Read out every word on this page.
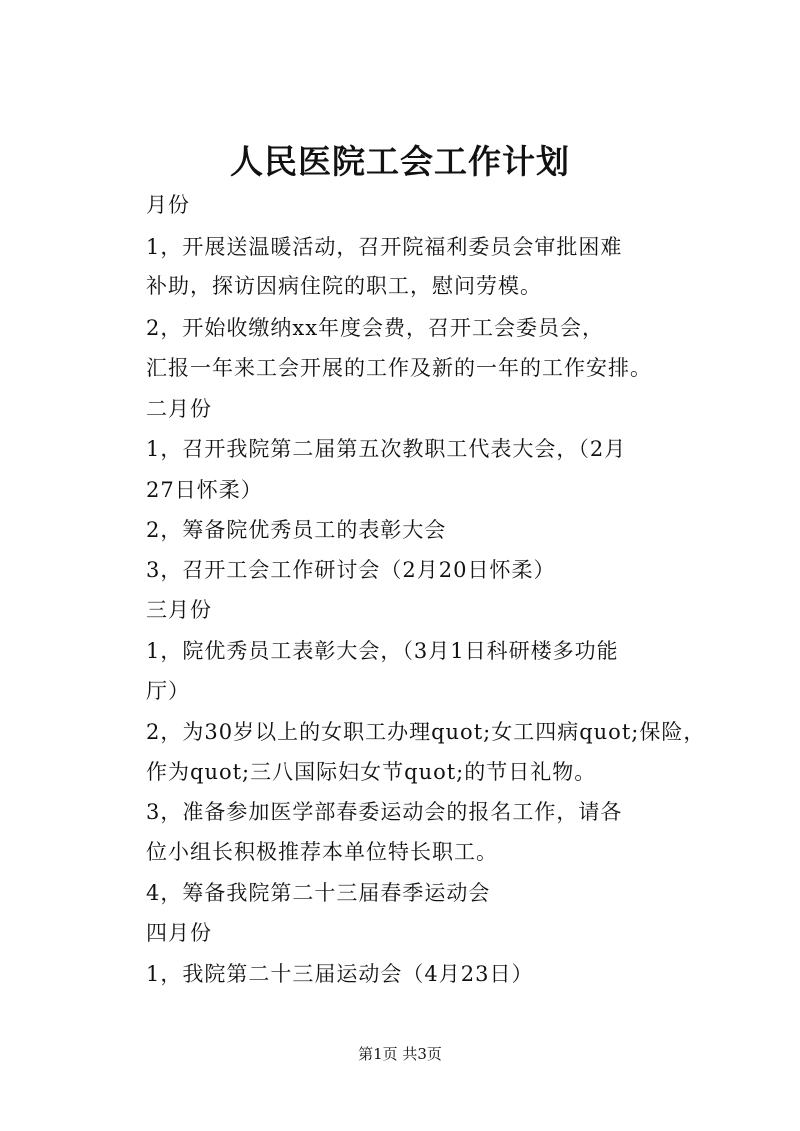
人民医院工会工作计划
月份
1，开展送温暖活动，召开院福利委员会审批困难
补助，探访因病住院的职工，慰问劳模。
2，开始收缴纳xx年度会费，召开工会委员会，
汇报一年来工会开展的工作及新的一年的工作安排。
二月份
1，召开我院第二届第五次教职工代表大会，（2月
27日怀柔）
2，筹备院优秀员工的表彰大会
3，召开工会工作研讨会（2月20日怀柔）
三月份
1，院优秀员工表彰大会，（3月1日科研楼多功能
厅）
2，为30岁以上的女职工办理quot;女工四病quot;保险，
作为quot;三八国际妇女节quot;的节日礼物。
3，准备参加医学部春委运动会的报名工作，请各
位小组长积极推荐本单位特长职工。
4，筹备我院第二十三届春季运动会
四月份
1，我院第二十三届运动会（4月23日）
第1页 共3页
